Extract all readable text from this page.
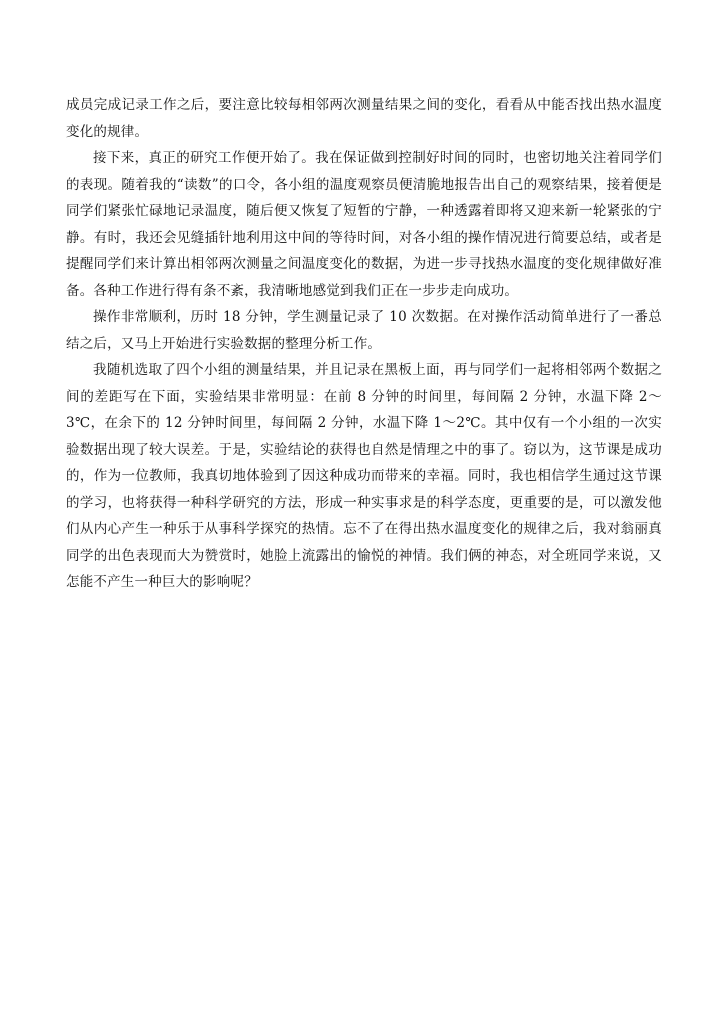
成员完成记录工作之后，要注意比较每相邻两次测量结果之间的变化，看看从中能否找出热水温度变化的规律。

接下来，真正的研究工作便开始了。我在保证做到控制好时间的同时，也密切地关注着同学们的表现。随着我的“读数”的口令，各小组的温度观察员便清脆地报告出自己的观察结果，接着便是同学们紧张忙碌地记录温度，随后便又恢复了短暂的宁静，一种透露着即将又迎来新一轮紧张的宁静。有时，我还会见缝插针地利用这中间的等待时间，对各小组的操作情况进行简要总结，或者是提醒同学们来计算出相邻两次测量之间温度变化的数据，为进一步寻找热水温度的变化规律做好准备。各种工作进行得有条不紊，我清晰地感觉到我们正在一步步走向成功。

操作非常顺利，历时 18 分钟，学生测量记录了 10 次数据。在对操作活动简单进行了一番总结之后，又马上开始进行实验数据的整理分析工作。

我随机选取了四个小组的测量结果，并且记录在黑板上面，再与同学们一起将相邻两个数据之间的差距写在下面，实验结果非常明显：在前 8 分钟的时间里，每间隔 2 分钟，水温下降 2～3℃，在余下的 12 分钟时间里，每间隔 2 分钟，水温下降 1～2℃。其中仅有一个小组的一次实验数据出现了较大误差。于是，实验结论的获得也自然是情理之中的事了。窃以为，这节课是成功的，作为一位教师，我真切地体验到了因这种成功而带来的幸福。同时，我也相信学生通过这节课的学习，也将获得一种科学研究的方法，形成一种实事求是的科学态度，更重要的是，可以激发他们从内心产生一种乐于从事科学探究的热情。忘不了在得出热水温度变化的规律之后，我对翁丽真同学的出色表现而大为赞赏时，她脸上流露出的愉悦的神情。我们俩的神态，对全班同学来说，又怎能不产生一种巨大的影响呢？
